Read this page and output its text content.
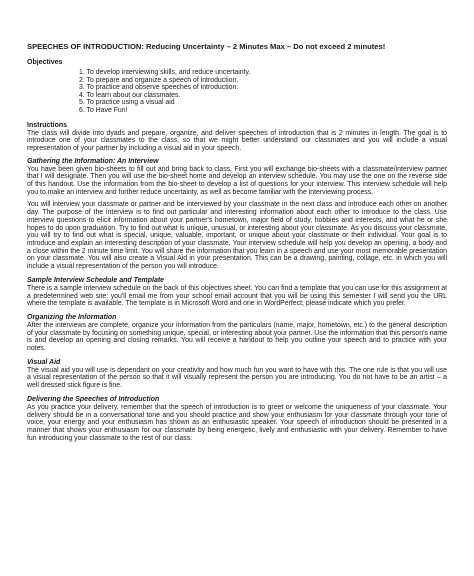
SPEECHES OF INTRODUCTION: Reducing Uncertainty – 2 Minutes Max – Do not exceed 2 minutes!
Objectives
1. To develop interviewing skills, and reduce uncertainty.
2. To prepare and organize a speech of introduction.
3. To practice and observe speeches of introduction.
4. To learn about our classmates.
5. To practice using a visual aid
6. To Have Fun!
Instructions

The class will divide into dyads and prepare, organize, and deliver speeches of introduction that is 2 minutes in length. The goal is to introduce one of your classmates to the class, so that we might better understand our classmates and you will include a visual representation of your partner by including a visual aid in your speech.

Gathering the Information: An Interview

You have been given bio-sheets to fill out and bring back to class. First you will exchange bio-sheets with a classmate/interview partner that I will designate. Then you will use the bio-sheet home and develop an interview schedule. You may use the one on the reverse side of this handout. Use the information from the bio-sheet to develop a list of questions for your interview. This interview schedule will help you to make an interview and further reduce uncertainty, as well as become familiar with the interviewing process.

You will interview your classmate or partner and be interviewed by your classmate in the next class and introduce each other on another day. The purpose of the interview is to find out particular and interesting information about each other to introduce to the class. Use interview questions to elicit information about your partner's hometown, major field of study, hobbies and interests, and what he or she hopes to do upon graduation. Try to find out what is unique, unusual, or interesting about your classmate. As you discuss your classmate, you will try to find out what is special, unique, valuable, important, or unique about your classmate or their individual. Your goal is to introduce and explain an interesting description of your classmate. Your interview schedule will help you develop an opening, a body and a close within the 2 minute time limit. You will share the information that you learn in a speech and use your most memorable presentation on your classmate. You will also create a Visual Aid in your presentation. This can be a drawing, painting, collage, etc. in which you will include a visual representation of the person you will introduce.

Sample Interview Schedule and Template

There is a sample interview schedule on the back of this objectives sheet. You can find a template that you can use for this assignment at a predetermined web site: you'll email me from your school email account that you will be using this semester I will send you the URL where the template is available. The template is in Microsoft Word and one in WordPerfect; please indicate which you prefer.

Organizing the Information

After the interviews are complete, organize your information from the particulars (name, major, hometown, etc.) to the general description of your classmate by focusing on something unique, special, or interesting about your partner. Use the information that this person's name is and develop an opening and closing remarks. You will receive a handout to help you outline your speech and to practice with your notes.

Visual Aid

The visual aid you will use is dependant on your creativity and how much fun you want to have with this. The one rule is that you will use a visual representation of the person so that it will visually represent the person you are introducing. You do not have to be an artist – a well dressed stick figure is fine.

Delivering the Speeches of Introduction

As you practice your delivery, remember that the speech of introduction is to greet or welcome the uniqueness of your classmate. Your delivery should be in a conversational tone and you should practice and show your enthusiasm for your classmate through your tone of voice, your energy and your enthusiasm has shown as an enthusiastic speaker. Your speech of introduction should be presented in a manner that shows your enthusiasm for our classmate by being energetic, lively and enthusiastic with your delivery. Remember to have fun introducing your classmate to the rest of our class.
